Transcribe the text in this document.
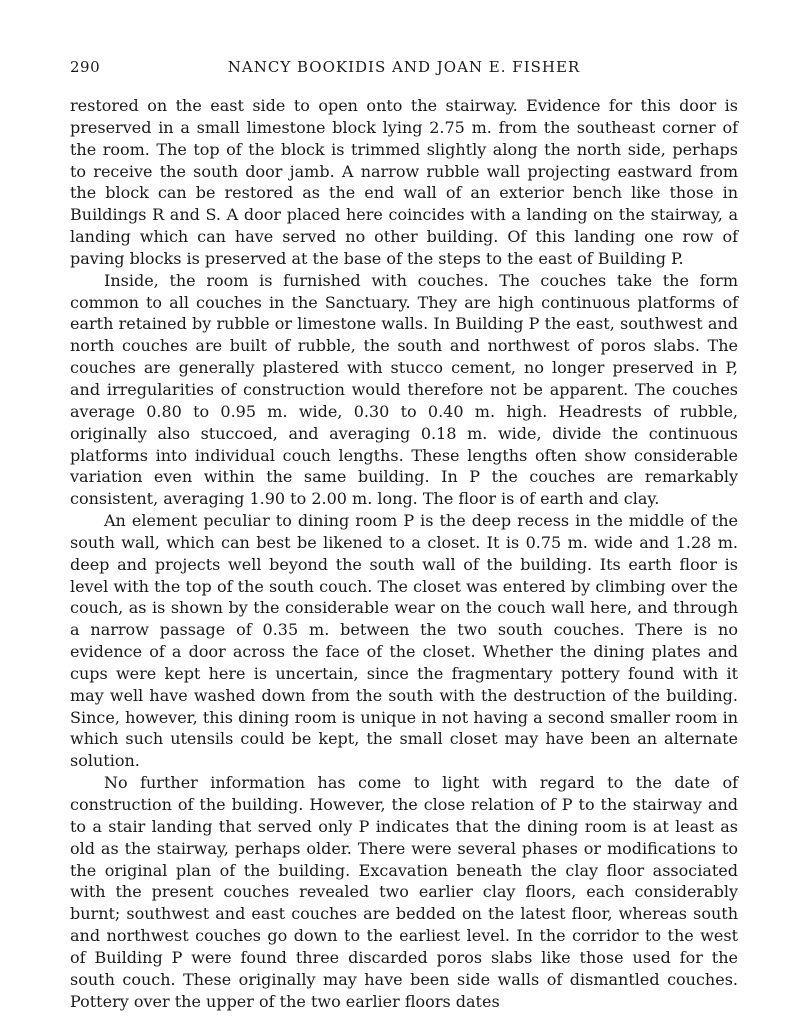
290	NANCY BOOKIDIS AND JOAN E. FISHER

restored on the east side to open onto the stairway. Evidence for this door is preserved in a small limestone block lying 2.75 m. from the southeast corner of the room. The top of the block is trimmed slightly along the north side, perhaps to receive the south door jamb. A narrow rubble wall projecting eastward from the block can be restored as the end wall of an exterior bench like those in Buildings R and S. A door placed here coincides with a landing on the stairway, a landing which can have served no other building. Of this landing one row of paving blocks is preserved at the base of the steps to the east of Building P.

Inside, the room is furnished with couches. The couches take the form common to all couches in the Sanctuary. They are high continuous platforms of earth retained by rubble or limestone walls. In Building P the east, southwest and north couches are built of rubble, the south and northwest of poros slabs. The couches are generally plastered with stucco cement, no longer preserved in P, and irregularities of construction would therefore not be apparent. The couches average 0.80 to 0.95 m. wide, 0.30 to 0.40 m. high. Headrests of rubble, originally also stuccoed, and averaging 0.18 m. wide, divide the continuous platforms into individual couch lengths. These lengths often show considerable variation even within the same building. In P the couches are remarkably consistent, averaging 1.90 to 2.00 m. long. The floor is of earth and clay.

An element peculiar to dining room P is the deep recess in the middle of the south wall, which can best be likened to a closet. It is 0.75 m. wide and 1.28 m. deep and projects well beyond the south wall of the building. Its earth floor is level with the top of the south couch. The closet was entered by climbing over the couch, as is shown by the considerable wear on the couch wall here, and through a narrow passage of 0.35 m. between the two south couches. There is no evidence of a door across the face of the closet. Whether the dining plates and cups were kept here is uncertain, since the fragmentary pottery found with it may well have washed down from the south with the destruction of the building. Since, however, this dining room is unique in not having a second smaller room in which such utensils could be kept, the small closet may have been an alternate solution.

No further information has come to light with regard to the date of construction of the building. However, the close relation of P to the stairway and to a stair landing that served only P indicates that the dining room is at least as old as the stairway, perhaps older. There were several phases or modifications to the original plan of the building. Excavation beneath the clay floor associated with the present couches revealed two earlier clay floors, each considerably burnt; southwest and east couches are bedded on the latest floor, whereas south and northwest couches go down to the earliest level. In the corridor to the west of Building P were found three discarded poros slabs like those used for the south couch. These originally may have been side walls of dismantled couches. Pottery over the upper of the two earlier floors dates
